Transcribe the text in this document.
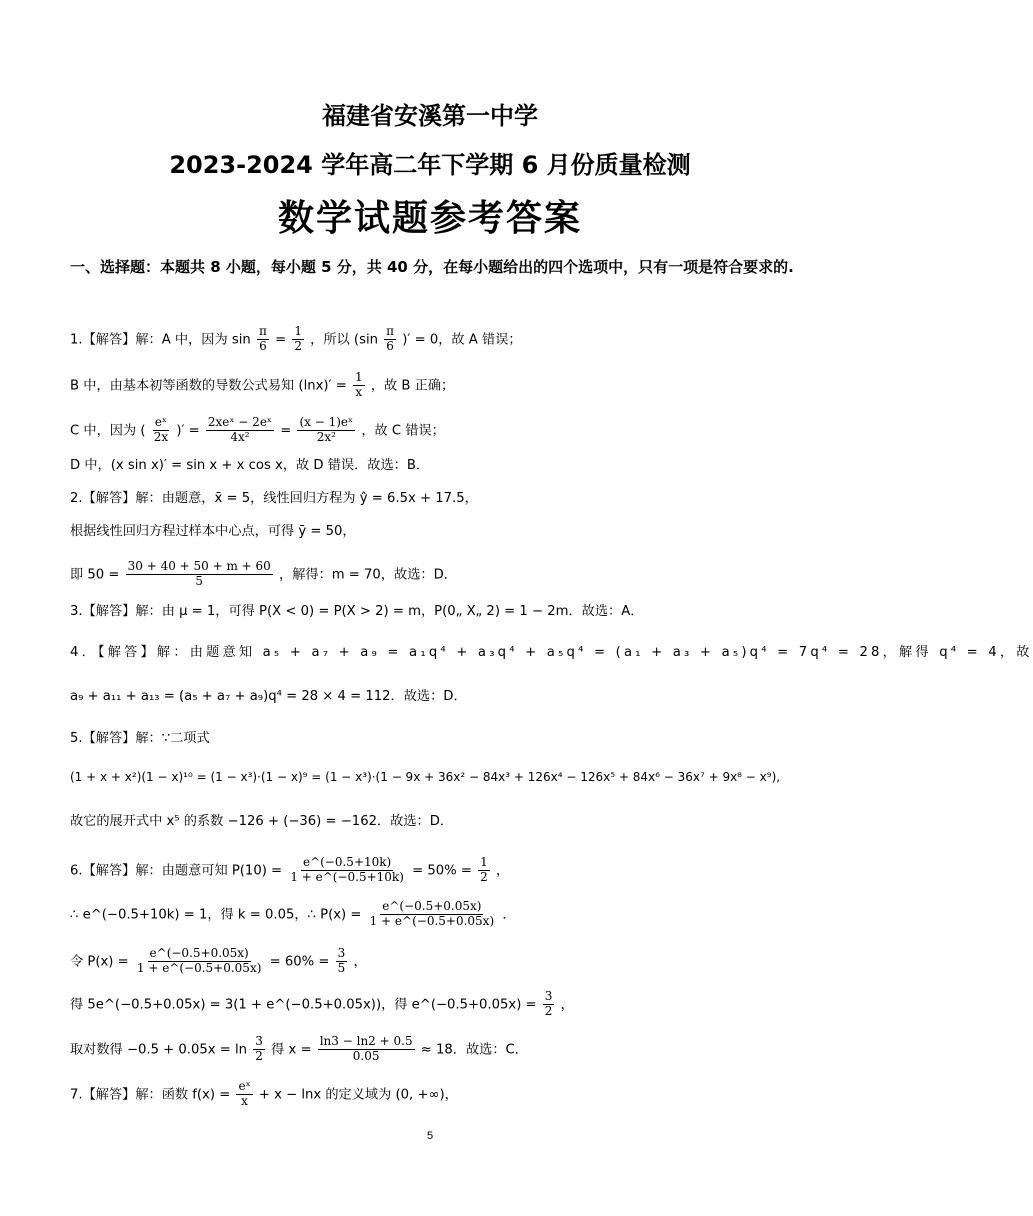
福建省安溪第一中学
2023-2024 学年高二年下学期 6 月份质量检测
数学试题参考答案
一、选择题：本题共 8 小题，每小题 5 分，共 40 分，在每小题给出的四个选项中，只有一项是符合要求的.
1.【解答】解：A 中，因为 $\sin \frac{\pi}{6} = \frac{1}{2}$ ，所以 ($\sin \frac{\pi}{6}$ )′ = 0，故 A 错误；
B 中，由基本初等函数的导数公式易知 $(\ln x)' = \frac{1}{x}$ ，故 B 正确；
C 中，因为 ( $\frac{\text{eˣ}}{2x}$ )′ = $\frac{\text{2xeˣ − 2eˣ}}{\text{4x²}} = \frac{\text{(x − 1)eˣ}}{\text{2x²}}$ ，故 C 错误；
D 中，(x sin x)′ = sin x + x cos x，故 D 错误．故选：B．
2.【解答】解：由题意，x̄ = 5，线性回归方程为 ŷ = 6.5x + 17.5，
根据线性回归方程过样本中心点，可得 ȳ = 50，
即 $50 = \frac{30 + 40 + 50 + m + 60}{5}$ ，解得：m = 70，故选：D．
3.【解答】解：由 μ = 1，可得 P(X < 0) = P(X > 2) = m，P(0„ X„ 2) = 1 − 2m．故选：A．
4．【解答】解：由题意知 a₅ + a₇ + a₉ = a₁q⁴ + a₃q⁴ + a₅q⁴ = (a₁ + a₃ + a₅)q⁴ = 7q⁴ = 28，解得 q⁴ = 4，故
a₉ + a₁₁ + a₁₃ = (a₅ + a₇ + a₉)q⁴ = 28 × 4 = 112．故选：D．
5.【解答】解：∵二项式
(1 + x + x²)(1 − x)¹⁰ = (1 − x³)·(1 − x)⁹ = (1 − x³)·(1 − 9x + 36x² − 84x³ + 126x⁴ − 126x⁵ + 84x⁶ − 36x⁷ + 9x⁸ − x⁹),
故它的展开式中 x⁵ 的系数 −126 + (−36) = −162．故选：D．
6.【解答】解：由题意可知 $P(10) = \frac{e\^{}(-0.5+10k)}{1 + e\^{}(-0.5+10k)} = 50\% = \frac{1}{2}$ ，
∴ e^(−0.5+10k) = 1，得 k = 0.05，∴ $P(x) = \frac{e\^{}(-0.5+0.05x)}{1 + e\^{}(-0.5+0.05x)}$ ．
令 $P(x) = \frac{e\^{}(-0.5+0.05x)}{1 + e\^{}(-0.5+0.05x)} = 60\% = \frac{3}{5}$ ，
得 5e^(−0.5+0.05x) = 3(1 + e^(−0.5+0.05x))，得 e^(−0.5+0.05x) = $\frac{3}{2}$ ，
取对数得 $-0.5 + 0.05x = \ln \frac{3}{2}$ 得 $x = \frac{\ln 3 - \ln 2 + 0.5}{0.05} \approx 18$．故选：C．
7.【解答】解：函数 $f(x) = \frac{\text{eˣ}}{x} + x - \ln x$ 的定义域为 (0, +∞)，
5
